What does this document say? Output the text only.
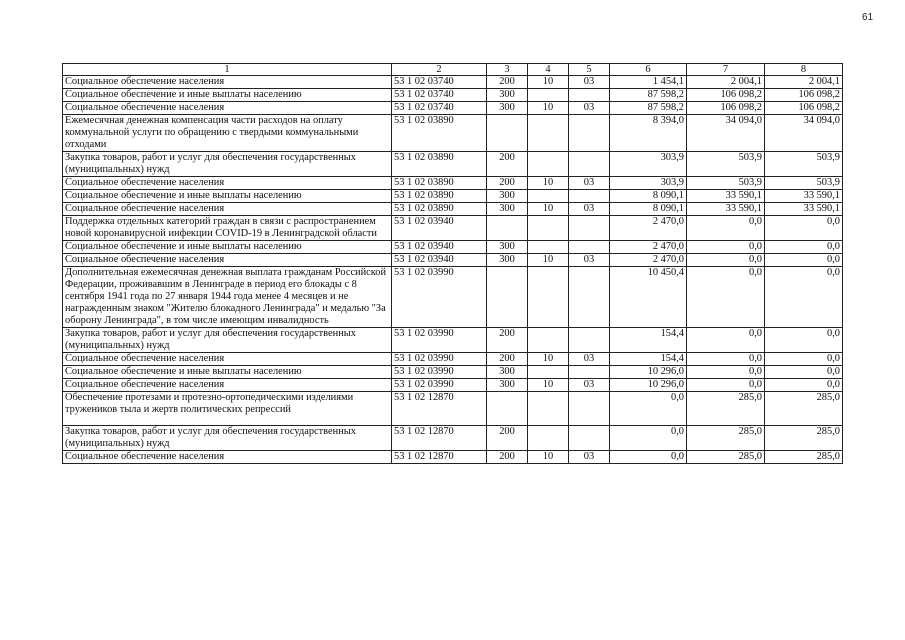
61
1	2	3	4	5	6	7	8
Социальное обеспечение населения	53 1 02 03740	200	10	03	1 454,1	2 004,1	2 004,1
Социальное обеспечение и иные выплаты населению	53 1 02 03740	300			87 598,2	106 098,2	106 098,2
Социальное обеспечение населения	53 1 02 03740	300	10	03	87 598,2	106 098,2	106 098,2
Ежемесячная денежная компенсация части расходов на оплату коммунальной услуги по обращению с твердыми коммунальными отходами	53 1 02 03890				8 394,0	34 094,0	34 094,0
Закупка товаров, работ и услуг для обеспечения государственных (муниципальных) нужд	53 1 02 03890	200			303,9	503,9	503,9
Социальное обеспечение населения	53 1 02 03890	200	10	03	303,9	503,9	503,9
Социальное обеспечение и иные выплаты населению	53 1 02 03890	300			8 090,1	33 590,1	33 590,1
Социальное обеспечение населения	53 1 02 03890	300	10	03	8 090,1	33 590,1	33 590,1
Поддержка отдельных категорий граждан в связи с распространением новой коронавирусной инфекции COVID-19 в Ленинградской области	53 1 02 03940				2 470,0	0,0	0,0
Социальное обеспечение и иные выплаты населению	53 1 02 03940	300			2 470,0	0,0	0,0
Социальное обеспечение населения	53 1 02 03940	300	10	03	2 470,0	0,0	0,0
Дополнительная ежемесячная денежная выплата гражданам Российской Федерации, проживавшим в Ленинграде в период его блокады с 8 сентября 1941 года по 27 января 1944 года менее 4 месяцев и не награжденным знаком "Жителю блокадного Ленинграда" и медалью "За оборону Ленинграда", в том числе имеющим инвалидность	53 1 02 03990				10 450,4	0,0	0,0
Закупка товаров, работ и услуг для обеспечения государственных (муниципальных) нужд	53 1 02 03990	200			154,4	0,0	0,0
Социальное обеспечение населения	53 1 02 03990	200	10	03	154,4	0,0	0,0
Социальное обеспечение и иные выплаты населению	53 1 02 03990	300			10 296,0	0,0	0,0
Социальное обеспечение населения	53 1 02 03990	300	10	03	10 296,0	0,0	0,0
Обеспечение протезами и протезно-ортопедическими изделиями тружеников тыла и жертв политических репрессий	53 1 02 12870				0,0	285,0	285,0
Закупка товаров, работ и услуг для обеспечения государственных (муниципальных) нужд	53 1 02 12870	200			0,0	285,0	285,0
Социальное обеспечение населения	53 1 02 12870	200	10	03	0,0	285,0	285,0
